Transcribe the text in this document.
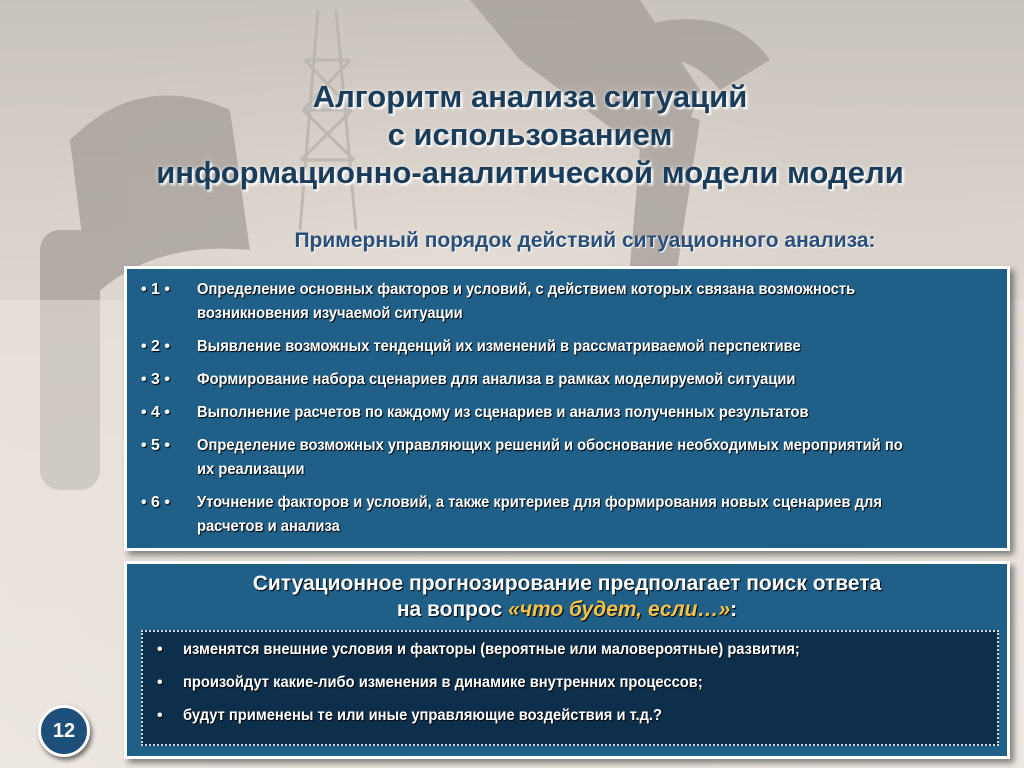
Алгоритм анализа ситуаций
с использованием
информационно-аналитической модели модели

Примерный порядок действий ситуационного анализа:

• 1 •	Определение основных факторов и условий, с действием которых связана возможность возникновения изучаемой ситуации
• 2 •	Выявление возможных тенденций их изменений в рассматриваемой перспективе
• 3 •	Формирование набора сценариев для анализа в рамках моделируемой ситуации
• 4 •	Выполнение расчетов по каждому из сценариев и анализ полученных результатов
• 5 •	Определение возможных управляющих решений и обоснование необходимых мероприятий по их реализации
• 6 •	Уточнение факторов и условий, а также критериев для формирования новых сценариев для расчетов и анализа

Ситуационное прогнозирование предполагает поиск ответа
на вопрос «что будет, если…»:

•	изменятся внешние условия и факторы (вероятные или маловероятные) развития;
•	произойдут какие-либо изменения в динамике внутренних процессов;
•	будут применены те или иные управляющие воздействия и т.д.?
12
